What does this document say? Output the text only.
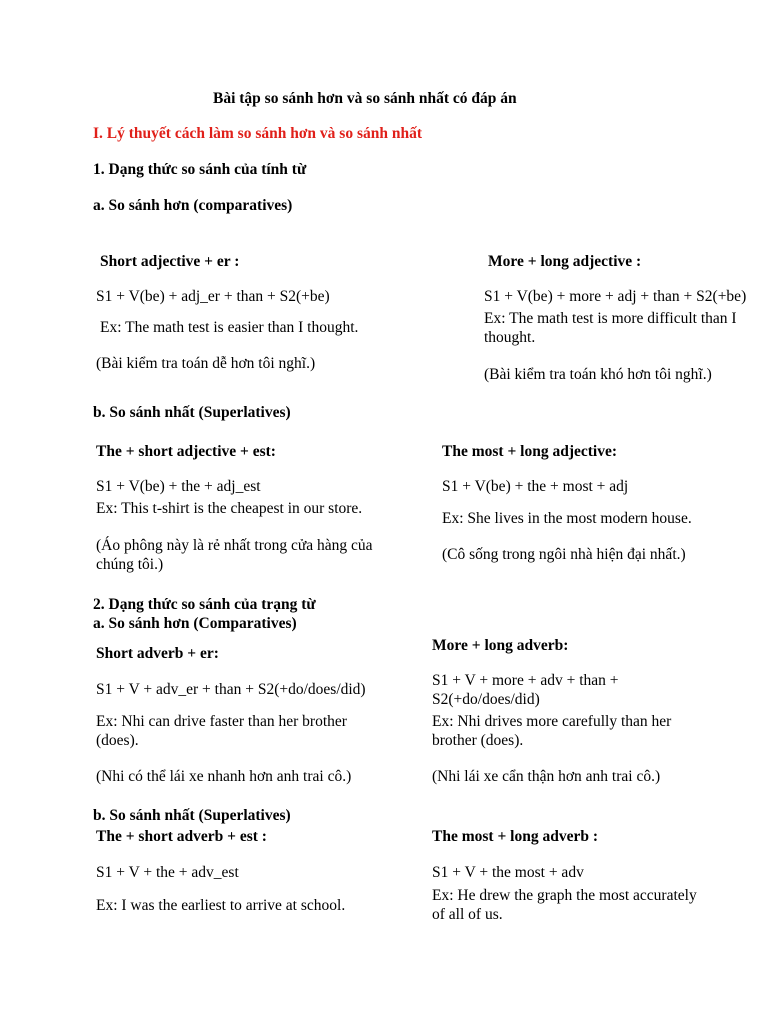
Bài tập so sánh hơn và so sánh nhất có đáp án
I. Lý thuyết cách làm so sánh hơn và so sánh nhất
1. Dạng thức so sánh của tính từ
a. So sánh hơn (comparatives)
Short adjective + er :
S1 + V(be) + adj_er + than + S2(+be)
Ex: The math test is easier than I thought.
(Bài kiểm tra toán dễ hơn tôi nghĩ.)
More + long adjective :
S1 + V(be) + more + adj + than + S2(+be)
Ex: The math test is more difficult than I
thought.
(Bài kiểm tra toán khó hơn tôi nghĩ.)
b. So sánh nhất (Superlatives)
The + short adjective + est:
S1 + V(be) + the + adj_est
Ex: This t-shirt is the cheapest in our store.
(Áo phông này là rẻ nhất trong cửa hàng của
chúng tôi.)
The most + long adjective:
S1 + V(be) + the + most + adj
Ex: She lives in the most modern house.
(Cô sống trong ngôi nhà hiện đại nhất.)
2. Dạng thức so sánh của trạng từ
a. So sánh hơn (Comparatives)
Short adverb + er:
S1 + V + adv_er + than + S2(+do/does/did)
Ex: Nhi can drive faster than her brother
(does).
(Nhi có thể lái xe nhanh hơn anh trai cô.)
More + long adverb:
S1 + V + more + adv + than +
S2(+do/does/did)
Ex: Nhi drives more carefully than her
brother (does).
(Nhi lái xe cẩn thận hơn anh trai cô.)
b. So sánh nhất (Superlatives)
The + short adverb + est :
S1 + V + the + adv_est
Ex: I was the earliest to arrive at school.
The most + long adverb :
S1 + V + the most + adv
Ex: He drew the graph the most accurately
of all of us.
